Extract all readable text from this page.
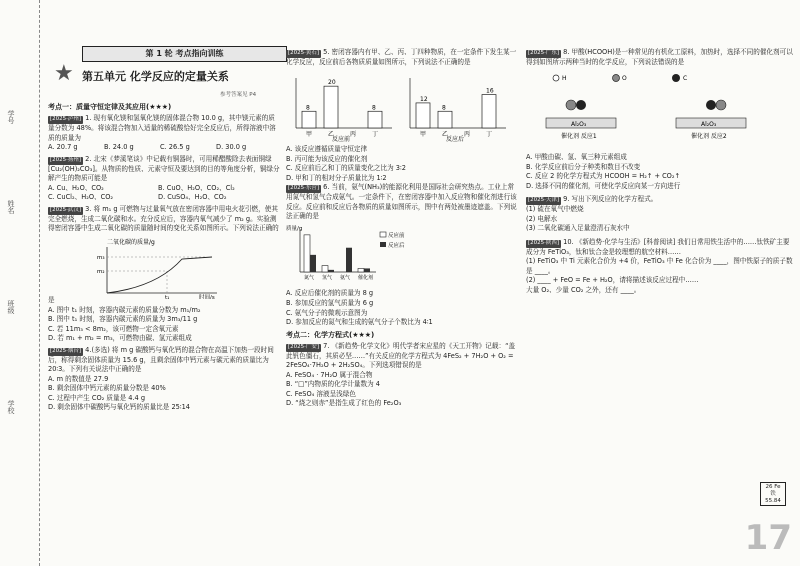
学号
姓名
班级
学校
第 1 轮 考点指向训练
★ 第五单元 化学反应的定量关系
参考答案见 P4
考点一：质量守恒定律及其应用(★★★)
[2025·泸州] 1. 现有氧化镁和氢氧化镁的固体混合物 10.0 g，其中镁元素的质量分数为 48%。将该混合物加入适量的稀硫酸恰好完全反应后，所得溶液中溶质的质量为
A. 20.7 g	B. 24.0 g	C. 26.5 g	D. 30.0 g
[2025·扬州] 2. 北宋《梦溪笔谈》中记载有铜器时，可用稀醋酸除去表面铜绿[Cu₂(OH)₂CO₃]。从物质的性质、元素守恒及要达到的目的等角度分析，铜绿分解产生的物质可能是
A. Cu、H₂O、CO₂	B. CuO、H₂O、CO₂、Cl₂C. CuCl₂、H₂O、CO₂	D. CuSO₄、H₂O、CO₂
[2025·武汉] 3. 将 m₁ g 可燃物与过量氧气放在密闭容器中用电火花引燃，使其完全燃烧，生成二氧化碳和水。充分反应后，容器内氧气减少了 m₂ g。实验测得密闭容器中生成二氧化碳的质量随时间的变化关系如图所示。下列说法正确的是
二氧化碳的质量/g
m₃
m₂
t₁	时间/s
A. 图中 t₁ 时刻，容器内碳元素的质量分数为 m₁/m₂
B. 图中 t₁ 时刻，容器内碳元素的质量为 3m₃/11 g
C. 若 11m₃ < 8m₂，该可燃物一定含氧元素
D. 若 m₁ + m₂ = m₃，可燃物由碳、氢元素组成
[2025·烟台] 4.(多选) 将 m g 碳酸钙与氧化钙的混合物在高温下加热一段时间后，称得剩余固体质量为 15.6 g，且剩余固体中钙元素与碳元素的质量比为 20∶3。下列有关说法中正确的是
A. m 的数值是 27.9
B. 剩余固体中钙元素的质量分数是 40%
C. 过程中产生 CO₂ 质量是 4.4 g
D. 剩余固体中碳酸钙与氧化钙的质量比是 25∶14
[2025·黄石] 5. 密闭容器内有甲、乙、丙、丁四种物质，在一定条件下发生某一化学反应，反应前后各物质质量如图所示，下列说法不正确的是
8
甲
20
乙	丙
8
丁
反应前
12
甲
8
乙	丙
16
丁
反应后
A. 该反应遵循质量守恒定律
B. 丙可能为该反应的催化剂
C. 反应前后乙和丁的质量变化之比为 3∶2
D. 甲和丁的相对分子质量比为 1∶2
[2025·东营] 6. 当前，氨气(NH₃)的能源化利用是国际社会研究热点。工业上常用氮气和氢气合成氨气。一定条件下，在密闭容器中加入反应物和催化剂进行该反应。反应前和反应后各物质的质量如图所示，图中有两处被墨迹遮盖。下列说法正确的是
质量/g
氮气 氢气 氨气 催化剂
反应前
反应后
A. 反应后催化剂的质量为 8 g
B. 参加反应的氢气质量为 6 g
C. 氨气分子的微观示意图为
D. 参加反应的氮气和生成的氨气分子个数比为 4∶1
考点二：化学方程式(★★★)
[2025·广安] 7. 《新趋势·化学文化》明代学者宋应星的《天工开物》记载：“盖此钒色僵石，其质必坚……”有关反应的化学方程式为 4FeS₂ + 7H₂O + O₂ = 2FeSO₄·7H₂O + 2H₂SO₄。下列选项错误的是
A. FeSO₄ · 7H₂O 属于混合物
B. “□”内物质的化学计量数为 4
C. FeSO₄ 溶液呈浅绿色
D. “烧之则赤”是指生成了红色的 Fe₂O₃
[2025·广东] 8. 甲酸(HCOOH)是一种常见的有机化工原料，加热时，选择不同的催化剂可以得到如图所示两种当时的化学反应，下列说法错误的是
H	O	C
Al₂O₃	Al₂O₃
催化剂 反应1	催化剂 反应2
A. 甲酸由碳、氢、氧三种元素组成
B. 化学反应前后分子种类和数目不改变
C. 反应 2 的化学方程式为 HCOOH = H₂↑ + CO₂↑
D. 选择不同的催化剂，可使化学反应向某一方向进行
[2025·天津] 9. 写出下列反应的化学方程式。
(1) 硫在氧气中燃烧
(2) 电解水
(3) 二氧化碳通入足量澄清石灰水中
[2025·陕西] 10. 《新趋势·化学与生活》[科普阅读] 我们日常用铁生活中的……钛铁矿主要成分为 FeTiO₃，钛和钛合金是较理想的航空材料……
(1) FeTiO₃ 中 Ti 元素化合价为 +4 价，FeTiO₃ 中 Fe 化合价为 ____，图中铁原子的质子数是 ____。
(2) ____ + FeO = Fe + H₂O，请将描述该反应过程中……
大量 O₂、少量 CO₂ 之外，还有 ____。
26 Fe
铁
55.84
17
